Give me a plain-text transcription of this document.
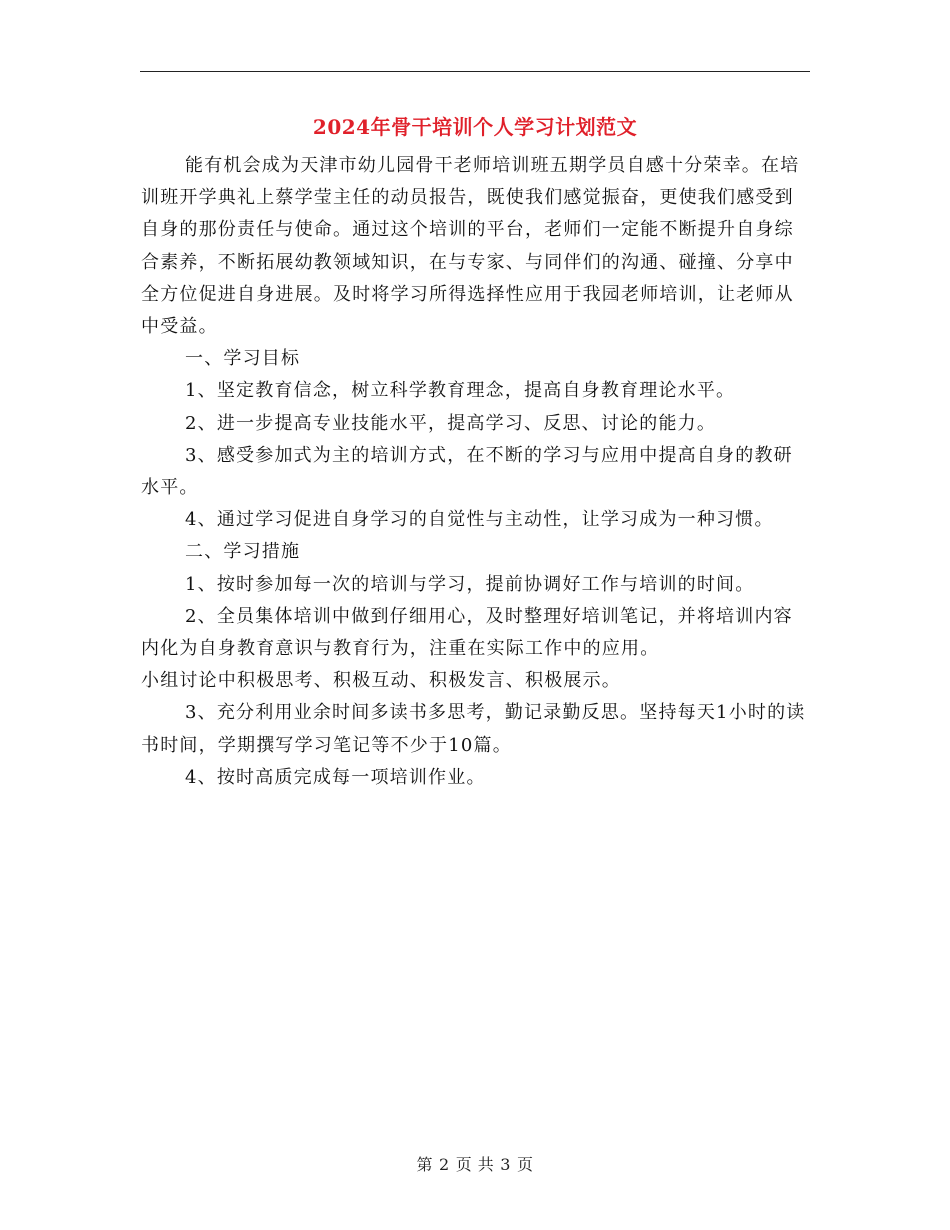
2024年骨干培训个人学习计划范文

能有机会成为天津市幼儿园骨干老师培训班五期学员自感十分荣幸。在培训班开学典礼上蔡学莹主任的动员报告，既使我们感觉振奋，更使我们感受到自身的那份责任与使命。通过这个培训的平台，老师们一定能不断提升自身综合素养，不断拓展幼教领域知识，在与专家、与同伴们的沟通、碰撞、分享中全方位促进自身进展。及时将学习所得选择性应用于我园老师培训，让老师从中受益。

一、学习目标

1、坚定教育信念，树立科学教育理念，提高自身教育理论水平。

2、进一步提高专业技能水平，提高学习、反思、讨论的能力。

3、感受参加式为主的培训方式，在不断的学习与应用中提高自身的教研水平。

4、通过学习促进自身学习的自觉性与主动性，让学习成为一种习惯。

二、学习措施

1、按时参加每一次的培训与学习，提前协调好工作与培训的时间。

2、全员集体培训中做到仔细用心，及时整理好培训笔记，并将培训内容内化为自身教育意识与教育行为，注重在实际工作中的应用。

小组讨论中积极思考、积极互动、积极发言、积极展示。

3、充分利用业余时间多读书多思考，勤记录勤反思。坚持每天1小时的读书时间，学期撰写学习笔记等不少于10篇。

4、按时高质完成每一项培训作业。

第 2 页 共 3 页
